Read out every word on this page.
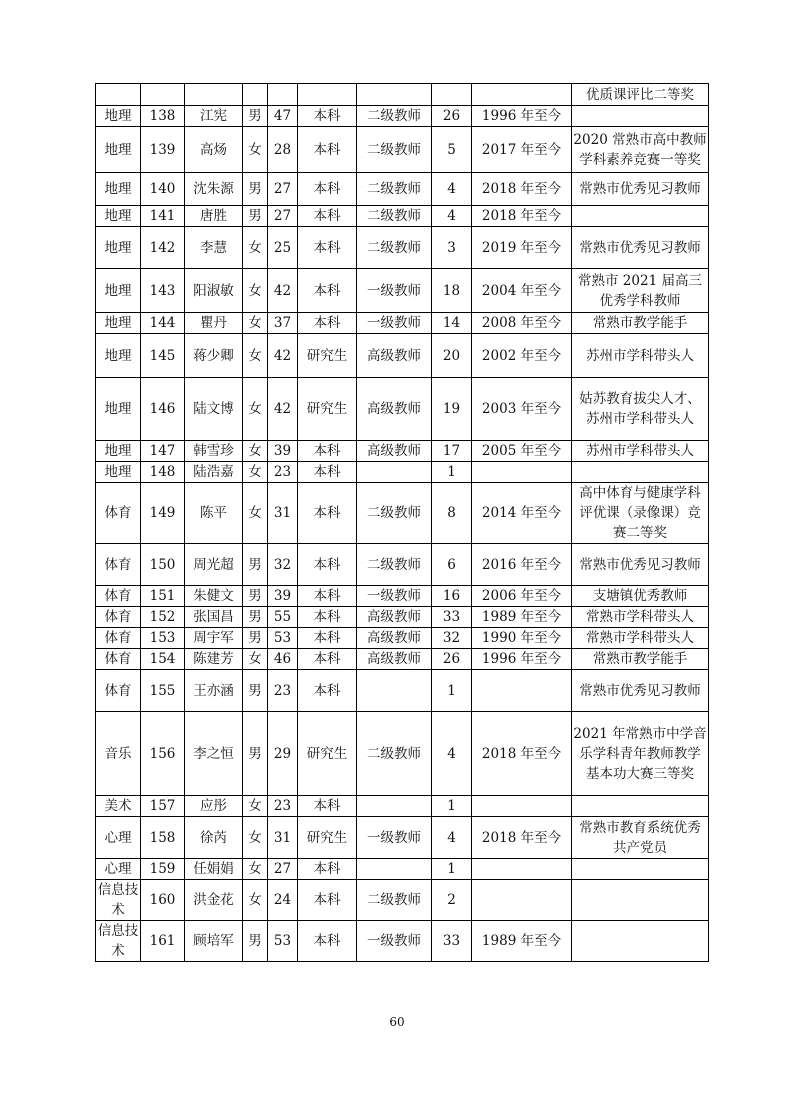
									优质课评比二等奖
地理	138	江宪	男	47	本科	二级教师	26	1996 年至今	
地理	139	高炀	女	28	本科	二级教师	5	2017 年至今	2020 常熟市高中教师学科素养竞赛一等奖
地理	140	沈朱源	男	27	本科	二级教师	4	2018 年至今	常熟市优秀见习教师
地理	141	唐胜	男	27	本科	二级教师	4	2018 年至今	
地理	142	李慧	女	25	本科	二级教师	3	2019 年至今	常熟市优秀见习教师
地理	143	阳淑敏	女	42	本科	一级教师	18	2004 年至今	常熟市 2021 届高三优秀学科教师
地理	144	瞿丹	女	37	本科	一级教师	14	2008 年至今	常熟市教学能手
地理	145	蒋少卿	女	42	研究生	高级教师	20	2002 年至今	苏州市学科带头人
地理	146	陆文博	女	42	研究生	高级教师	19	2003 年至今	姑苏教育拔尖人才、苏州市学科带头人
地理	147	韩雪珍	女	39	本科	高级教师	17	2005 年至今	苏州市学科带头人
地理	148	陆浩嘉	女	23	本科		1		
体育	149	陈平	女	31	本科	二级教师	8	2014 年至今	高中体育与健康学科评优课（录像课）竞赛二等奖
体育	150	周光超	男	32	本科	二级教师	6	2016 年至今	常熟市优秀见习教师
体育	151	朱健文	男	39	本科	一级教师	16	2006 年至今	支塘镇优秀教师
体育	152	张国昌	男	55	本科	高级教师	33	1989 年至今	常熟市学科带头人
体育	153	周宇军	男	53	本科	高级教师	32	1990 年至今	常熟市学科带头人
体育	154	陈建芳	女	46	本科	高级教师	26	1996 年至今	常熟市教学能手
体育	155	王亦涵	男	23	本科		1		常熟市优秀见习教师
音乐	156	李之恒	男	29	研究生	二级教师	4	2018 年至今	2021 年常熟市中学音乐学科青年教师教学基本功大赛三等奖
美术	157	应彤	女	23	本科		1		
心理	158	徐芮	女	31	研究生	一级教师	4	2018 年至今	常熟市教育系统优秀共产党员
心理	159	任娟娟	女	27	本科		1		
信息技术	160	洪金花	女	24	本科	二级教师	2		
信息技术	161	顾培军	男	53	本科	一级教师	33	1989 年至今	
60
